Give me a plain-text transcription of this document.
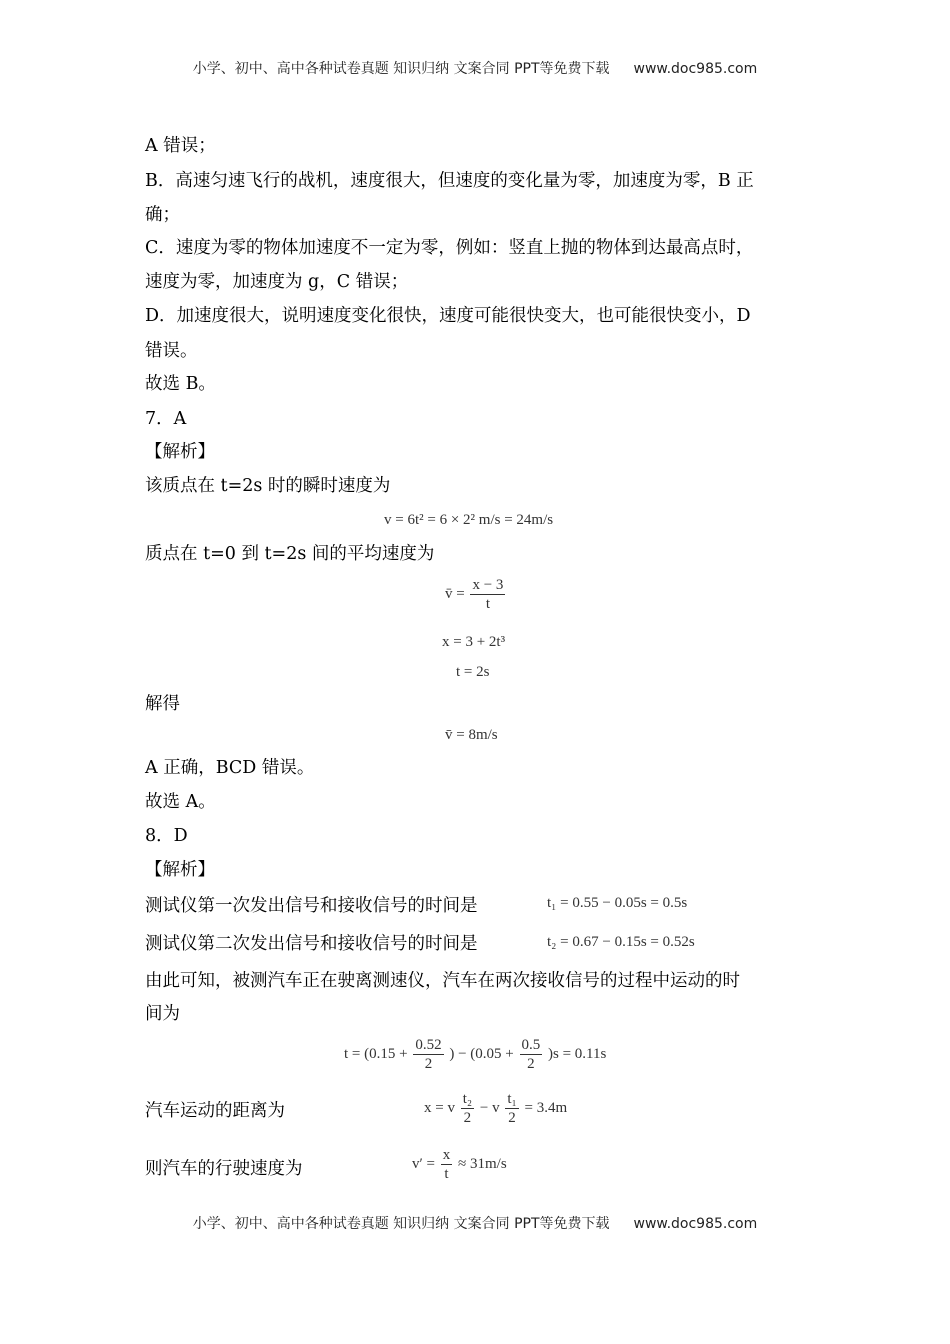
小学、初中、高中各种试卷真题 知识归纳 文案合同 PPT等免费下载 www.doc985.com
A 错误；
B．高速匀速飞行的战机，速度很大，但速度的变化量为零，加速度为零，B 正
确；
C．速度为零的物体加速度不一定为零，例如：竖直上抛的物体到达最高点时，
速度为零，加速度为 g，C 错误；
D．加速度很大，说明速度变化很快，速度可能很快变大，也可能很快变小，D
错误。
故选 B。
7．A
【解析】
该质点在 t=2s 时的瞬时速度为
v = 6t² = 6 × 2² m/s = 24m/s
质点在 t=0 到 t=2s 间的平均速度为
v̄ = $\frac{x - 3}{t}$
x = 3 + 2t³
t = 2s
解得
v̄ = 8m/s
A 正确，BCD 错误。
故选 A。
8．D
【解析】
测试仪第一次发出信号和接收信号的时间是	t₁ = 0.55 − 0.05s = 0.5s
测试仪第二次发出信号和接收信号的时间是	t₂ = 0.67 − 0.15s = 0.52s
由此可知，被测汽车正在驶离测速仪，汽车在两次接收信号的过程中运动的时
间为
$t = (0.15 + \frac{0.52}{2}$ ) − $(0.05 + \frac{0.5}{2} )s = 0.11s$
汽车运动的距离为	x = v $\frac{\text{t₂}}{2} - v \frac{\text{t₁}}{2} = 3.4m$
则汽车的行驶速度为	$v' = \frac{x}{t} \approx 31m/s$
小学、初中、高中各种试卷真题 知识归纳 文案合同 PPT等免费下载 www.doc985.com
